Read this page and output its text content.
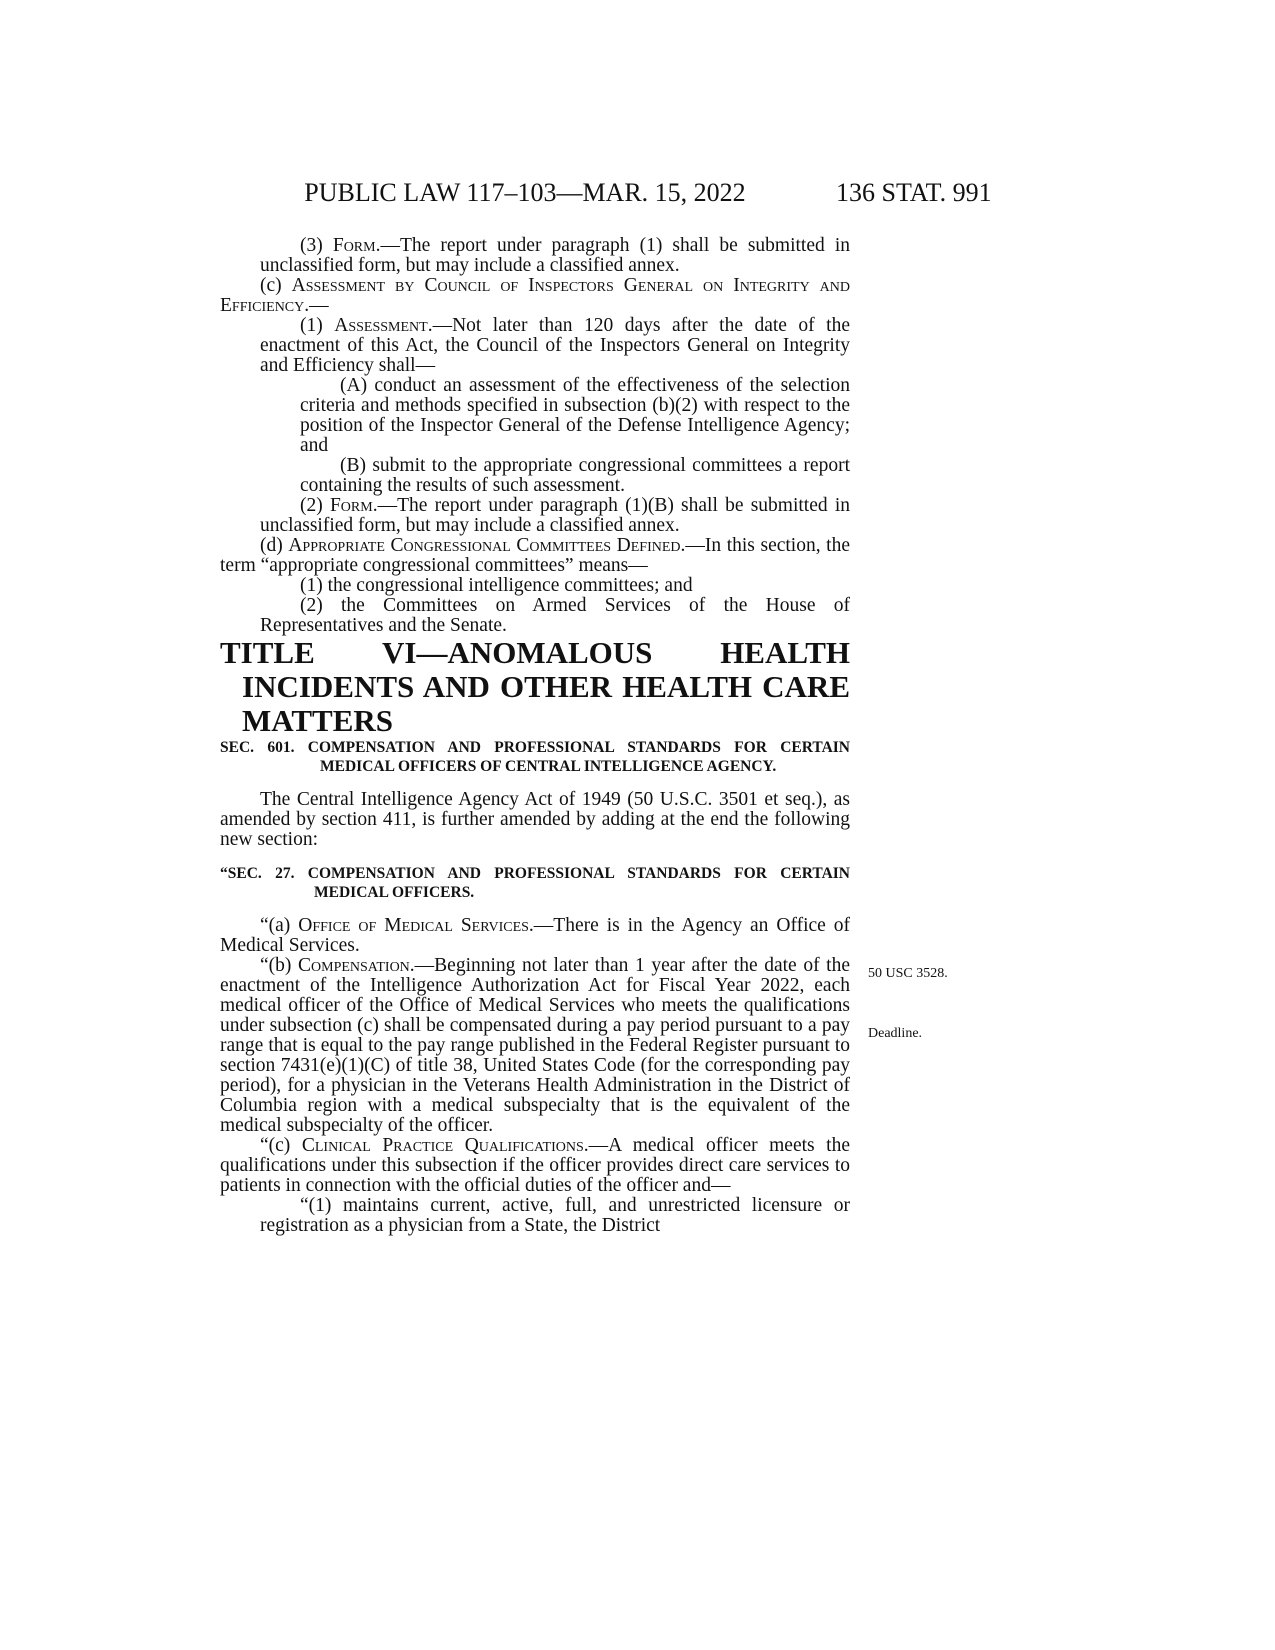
PUBLIC LAW 117–103—MAR. 15, 2022	136 STAT. 991
50 USC 3528.
Deadline.

(3) Form.—The report under paragraph (1) shall be submitted in unclassified form, but may include a classified annex.

(c) Assessment by Council of Inspectors General on Integrity and Efficiency.—

(1) Assessment.—Not later than 120 days after the date of the enactment of this Act, the Council of the Inspectors General on Integrity and Efficiency shall—

(A) conduct an assessment of the effectiveness of the selection criteria and methods specified in subsection (b)(2) with respect to the position of the Inspector General of the Defense Intelligence Agency; and

(B) submit to the appropriate congressional committees a report containing the results of such assessment.

(2) Form.—The report under paragraph (1)(B) shall be submitted in unclassified form, but may include a classified annex.

(d) Appropriate Congressional Committees Defined.—In this section, the term “appropriate congressional committees” means—

(1) the congressional intelligence committees; and

(2) the Committees on Armed Services of the House of Representatives and the Senate.

TITLE VI—ANOMALOUS HEALTH INCIDENTS AND OTHER HEALTH CARE MATTERS

SEC. 601. COMPENSATION AND PROFESSIONAL STANDARDS FOR CERTAIN MEDICAL OFFICERS OF CENTRAL INTELLIGENCE AGENCY.

The Central Intelligence Agency Act of 1949 (50 U.S.C. 3501 et seq.), as amended by section 411, is further amended by adding at the end the following new section:

“SEC. 27. COMPENSATION AND PROFESSIONAL STANDARDS FOR CERTAIN MEDICAL OFFICERS.

“(a) Office of Medical Services.—There is in the Agency an Office of Medical Services.

“(b) Compensation.—Beginning not later than 1 year after the date of the enactment of the Intelligence Authorization Act for Fiscal Year 2022, each medical officer of the Office of Medical Services who meets the qualifications under subsection (c) shall be compensated during a pay period pursuant to a pay range that is equal to the pay range published in the Federal Register pursuant to section 7431(e)(1)(C) of title 38, United States Code (for the corresponding pay period), for a physician in the Veterans Health Administration in the District of Columbia region with a medical subspecialty that is the equivalent of the medical subspecialty of the officer.

“(c) Clinical Practice Qualifications.—A medical officer meets the qualifications under this subsection if the officer provides direct care services to patients in connection with the official duties of the officer and—

“(1) maintains current, active, full, and unrestricted licensure or registration as a physician from a State, the District
